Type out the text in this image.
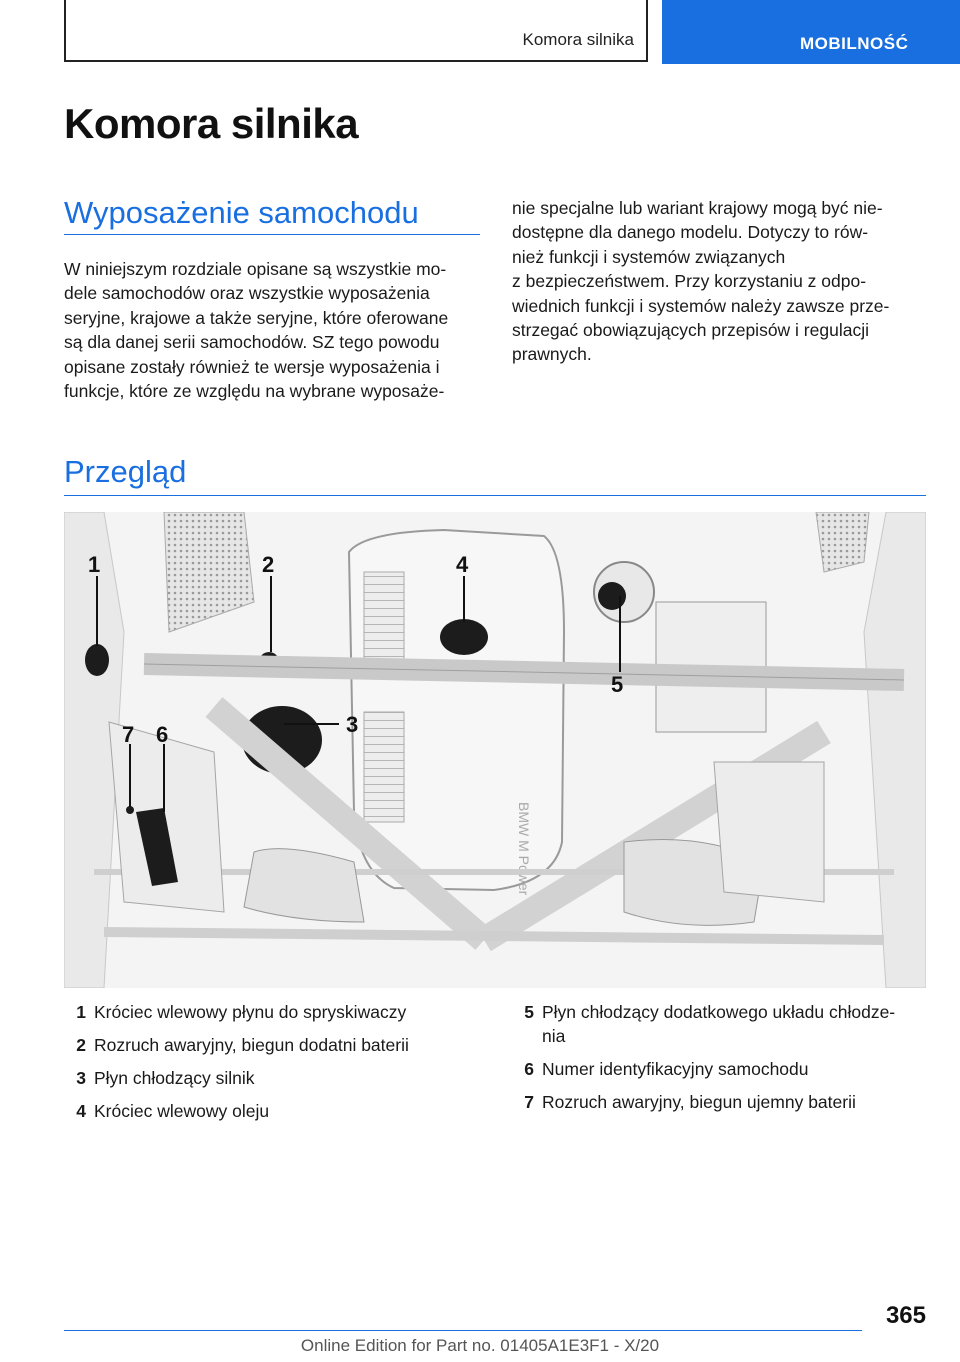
Komora silnika	MOBILNOŚĆ
Komora silnika
Wyposażenie samochodu

W niniejszym rozdziale opisane są wszystkie mo-
dele samochodów oraz wszystkie wyposażenia
seryjne, krajowe a także seryjne, które oferowane
są dla danej serii samochodów. SZ tego powodu
opisane zostały również te wersje wyposażenia i
funkcje, które ze względu na wybrane wyposaże-

nie specjalne lub wariant krajowy mogą być nie-
dostępne dla danego modelu. Dotyczy to rów-
nież funkcji i systemów związanych
z bezpieczeństwem. Przy korzystaniu z odpo-
wiednich funkcji i systemów należy zawsze prze-
strzegać obowiązujących przepisów i regulacji
prawnych.

Przegląd
BMW M Power
1	2
3
4
5
6
7
1 Króciec wlewowy płynu do spryskiwaczy
2 Rozruch awaryjny, biegun dodatni baterii
3 Płyn chłodzący silnik
4 Króciec wlewowy oleju
5 Płyn chłodzący dodatkowego układu chłodze-
nia
6 Numer identyfikacyjny samochodu
7 Rozruch awaryjny, biegun ujemny baterii
365
Online Edition for Part no. 01405A1E3F1 - X/20
